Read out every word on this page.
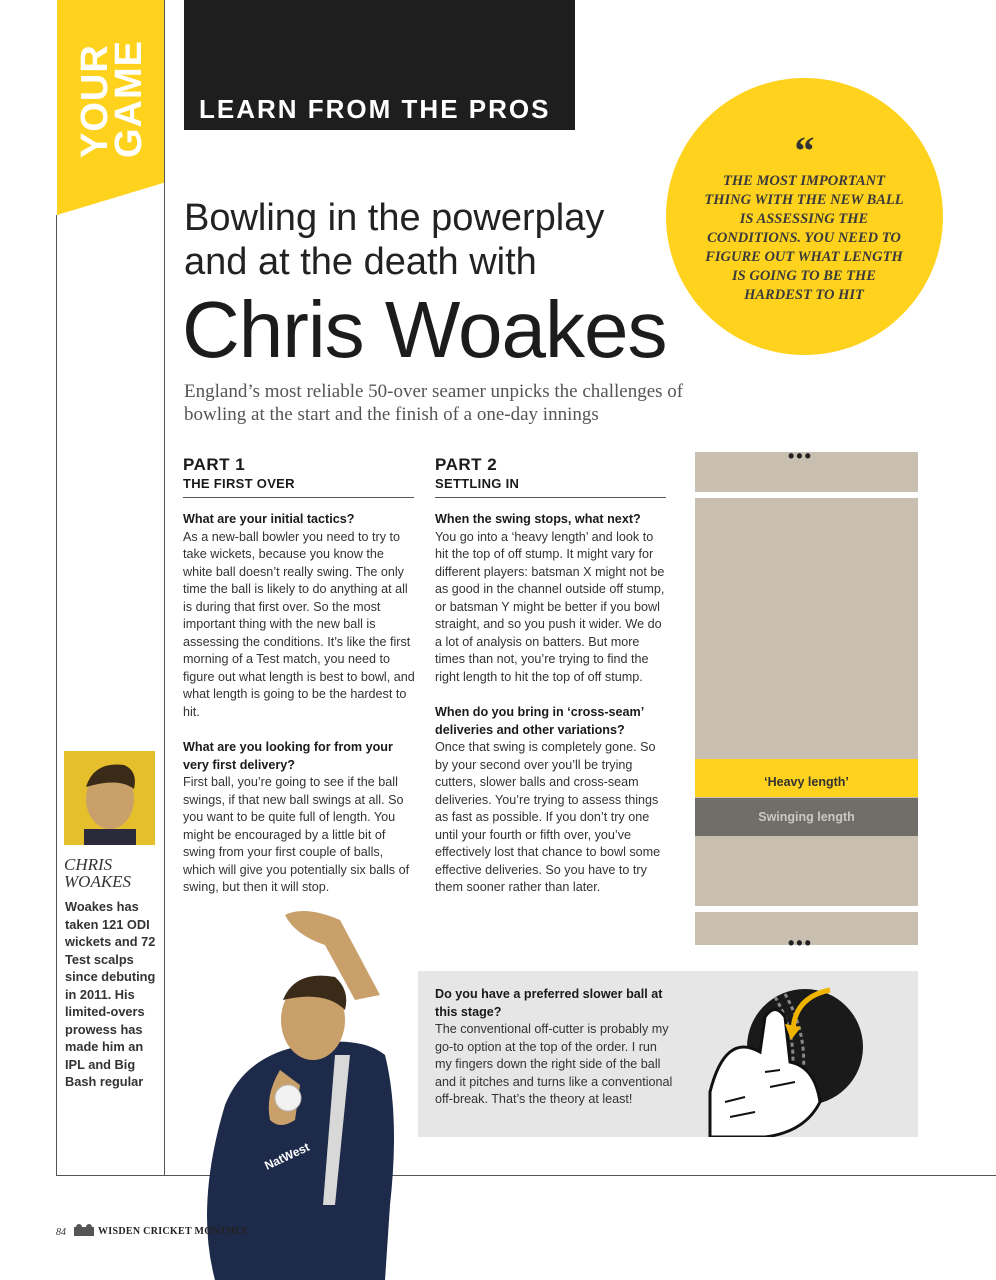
YOUR
GAME LEARN FROM THE PROS
Bowling in the powerplay
and at the death with
Chris Woakes
England’s most reliable 50-over seamer unpicks the challenges of bowling at the start and the finish of a one-day innings
“
THE MOST IMPORTANT THING WITH THE NEW BALL IS ASSESSING THE CONDITIONS. YOU NEED TO FIGURE OUT WHAT LENGTH IS GOING TO BE THE HARDEST TO HIT
PART 1
THE FIRST OVER
What are your initial tactics?
As a new-ball bowler you need to try to take wickets, because you know the white ball doesn’t really swing. The only time the ball is likely to do anything at all is during that first over. So the most important thing with the new ball is assessing the conditions. It’s like the first morning of a Test match, you need to figure out what length is best to bowl, and what length is going to be the hardest to hit.
What are you looking for from your very first delivery?
First ball, you’re going to see if the ball swings, if that new ball swings at all. So you want to be quite full of length. You might be encouraged by a little bit of swing from your first couple of balls, which will give you potentially six balls of swing, but then it will stop.
PART 2
SETTLING IN
When the swing stops, what next?
You go into a ‘heavy length’ and look to hit the top of off stump. It might vary for different players: batsman X might not be as good in the channel outside off stump, or batsman Y might be better if you bowl straight, and so you push it wider. We do a lot of analysis on batters. But more times than not, you’re trying to find the right length to hit the top of off stump.
When do you bring in ‘cross-seam’ deliveries and other variations?
Once that swing is completely gone. So by your second over you’ll be trying cutters, slower balls and cross-seam deliveries. You’re trying to assess things as fast as possible. If you don’t try one until your fourth or fifth over, you’ve effectively lost that chance to bowl some effective deliveries. So you have to try them sooner rather than later.
•••
•••
‘Heavy length’
Swinging length
Do you have a preferred slower ball at this stage?
The conventional off-cutter is probably my go-to option at the top of the order. I run my fingers down the right side of the ball and it pitches and turns like a conventional off-break. That’s the theory at least!
CHRIS
WOAKES
Woakes has taken 121 ODI wickets and 72 Test scalps since debuting in 2011. His limited-overs prowess has made him an IPL and Big Bash regular
NatWest
84	WISDEN CRICKET MONTHLY
